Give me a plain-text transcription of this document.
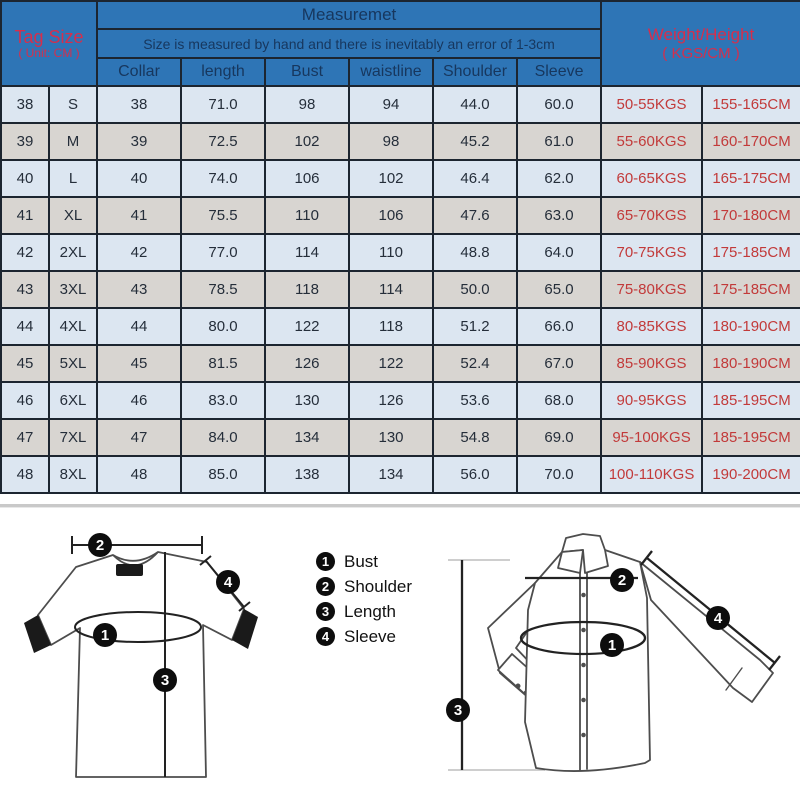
Tag Size
( Unit: CM )
	Measuremet	
Weight/Height
( KGS/CM )

		Size is measured by hand and there is inevitably an error of 1-3cm							
		Collar	length	Bust	waistline	Shoulder	Sleeve		
38	S	38	71.0	98	94	44.0	60.0	50-55KGS	155-165CM
39	M	39	72.5	102	98	45.2	61.0	55-60KGS	160-170CM
40	L	40	74.0	106	102	46.4	62.0	60-65KGS	165-175CM
41	XL	41	75.5	110	106	47.6	63.0	65-70KGS	170-180CM
42	2XL	42	77.0	114	110	48.8	64.0	70-75KGS	175-185CM
43	3XL	43	78.5	118	114	50.0	65.0	75-80KGS	175-185CM
44	4XL	44	80.0	122	118	51.2	66.0	80-85KGS	180-190CM
45	5XL	45	81.5	126	122	52.4	67.0	85-90KGS	180-190CM
46	6XL	46	83.0	130	126	53.6	68.0	90-95KGS	185-195CM
47	7XL	47	84.0	134	130	54.8	69.0	95-100KGS	185-195CM
48	8XL	48	85.0	138	134	56.0	70.0	100-110KGS	190-200CM
2
4
1
3
1 Bust
2 Shoulder
3 Length
4 Sleeve
2
4
1
3
